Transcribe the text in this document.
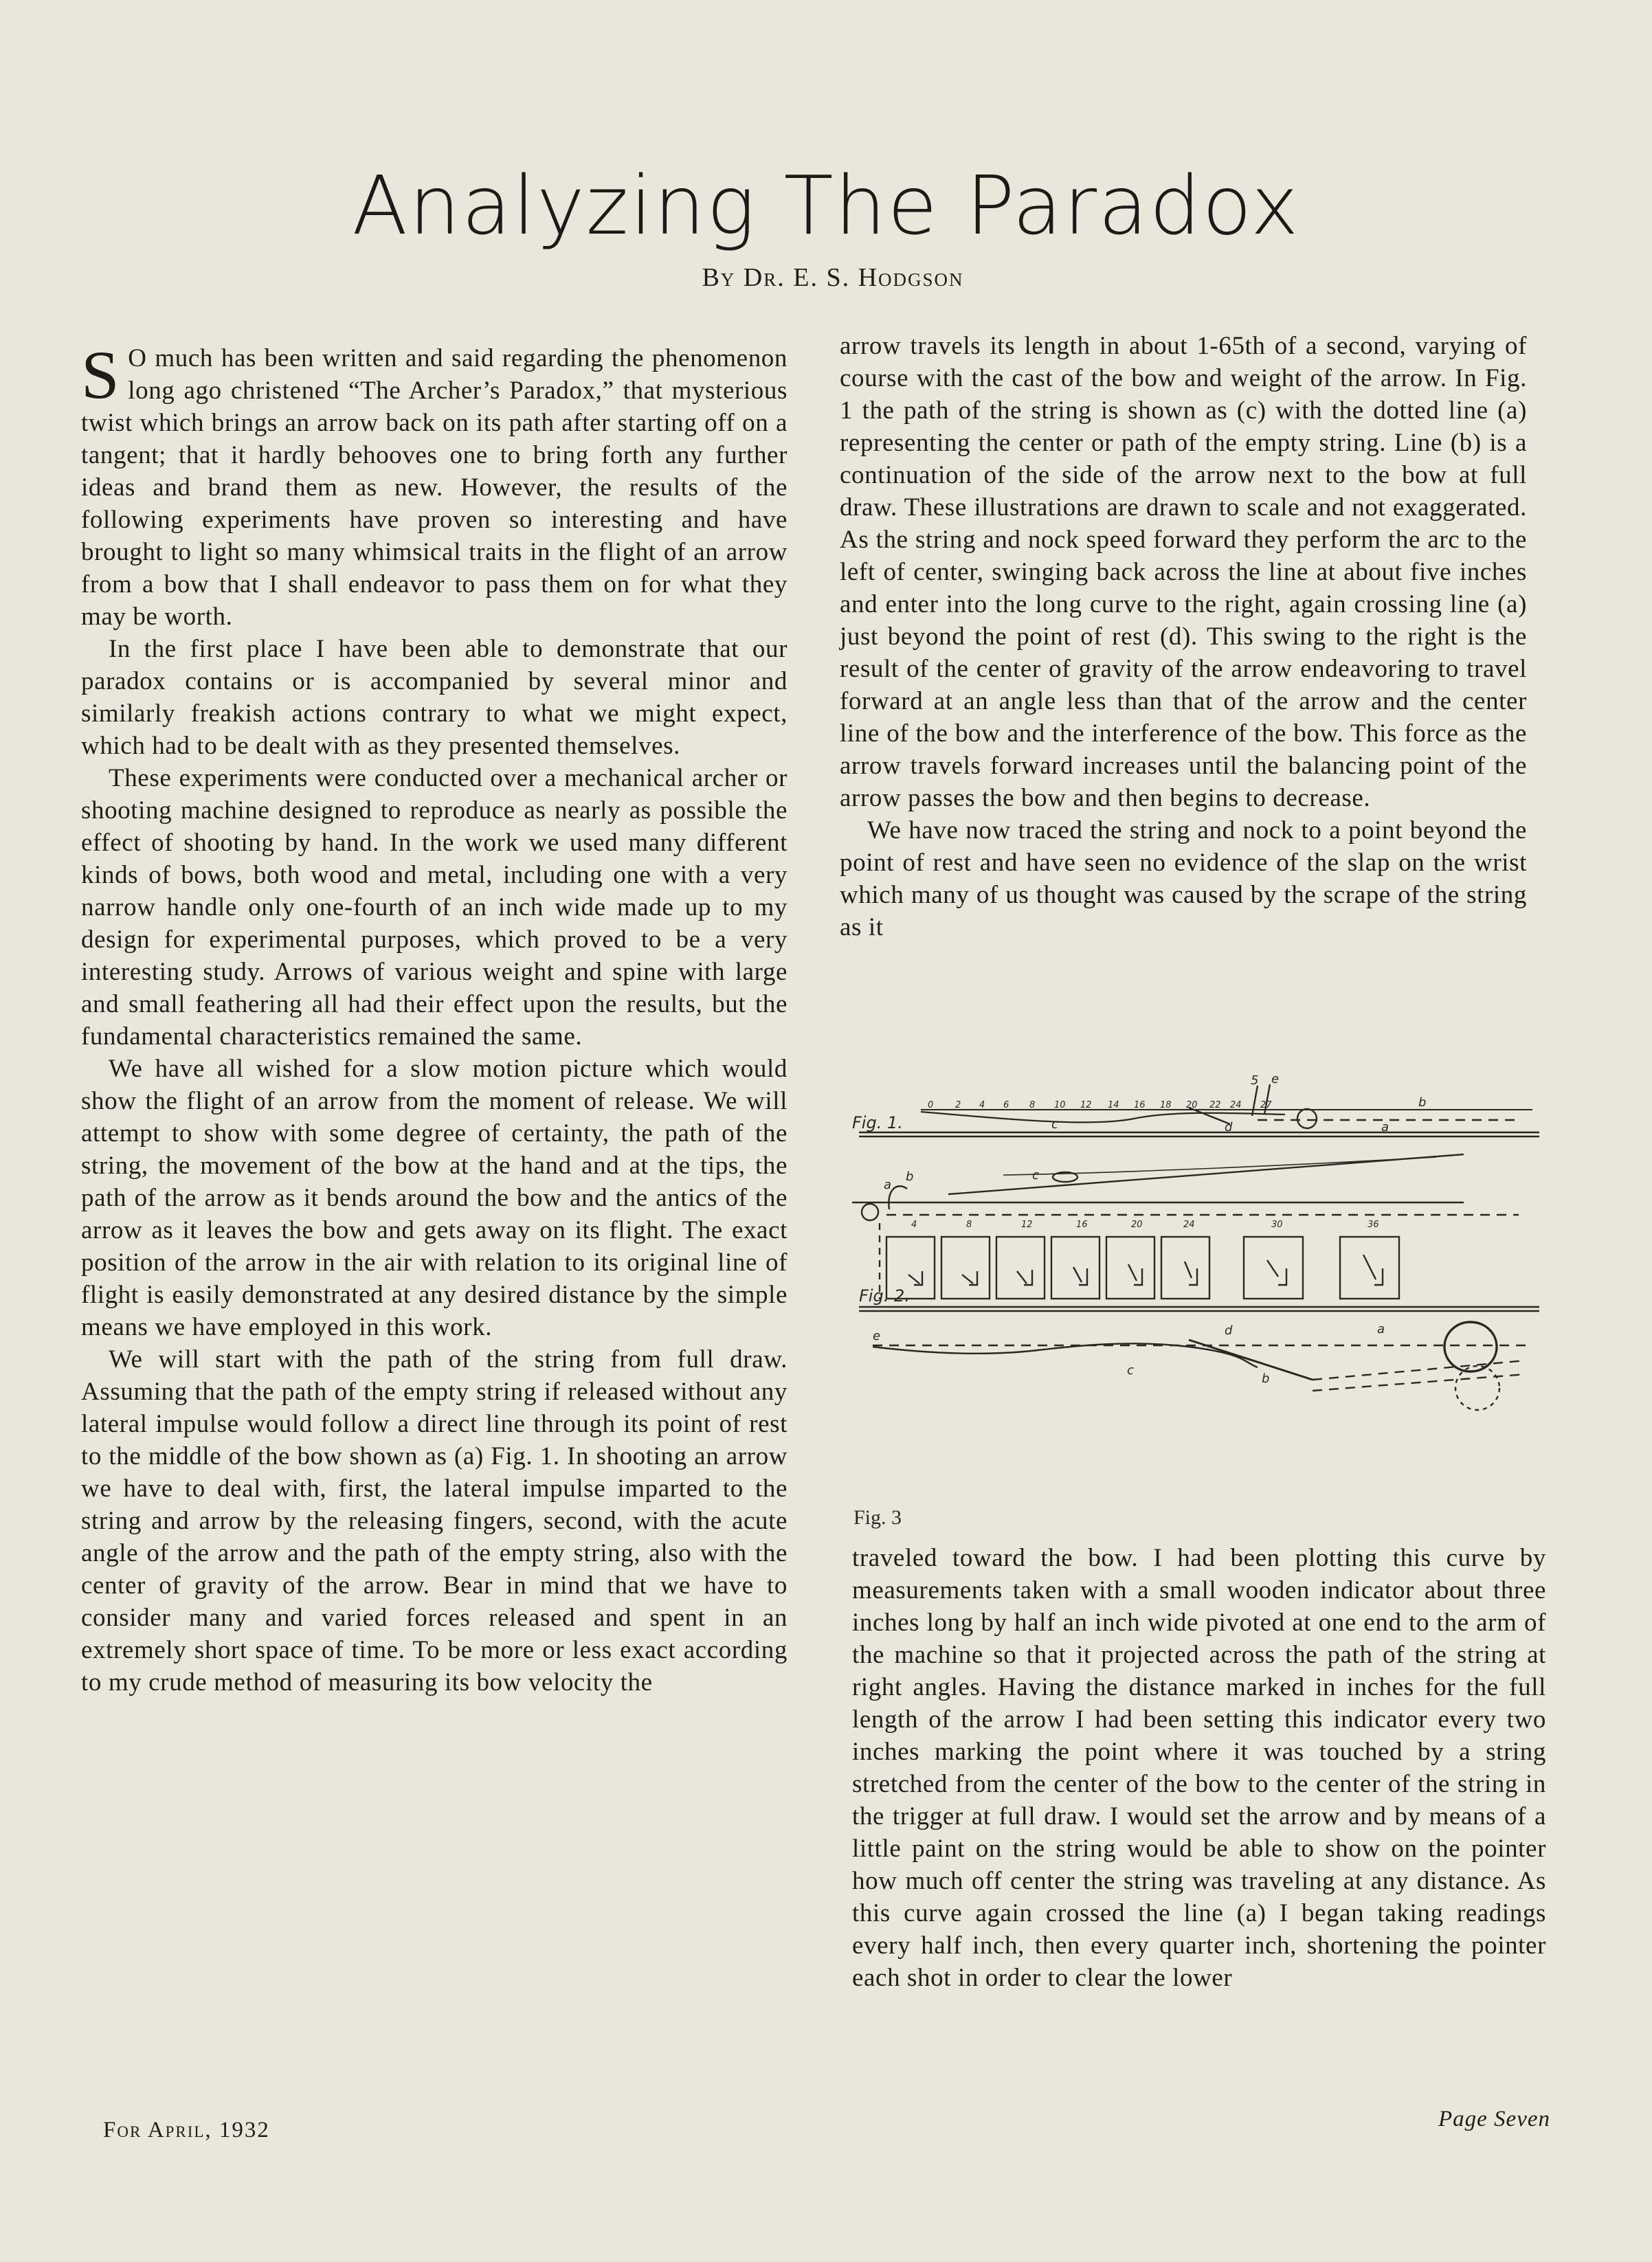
Analyzing The Paradox
By Dr. E. S. Hodgson

S O much has been written and said regarding the phenomenon long ago christened “The Archer’s Paradox,” that mysterious twist which brings an arrow back on its path after starting off on a tangent; that it hardly behooves one to bring forth any further ideas and brand them as new. However, the results of the following experiments have proven so interesting and have brought to light so many whimsical traits in the flight of an arrow from a bow that I shall endeavor to pass them on for what they may be worth.

In the first place I have been able to demonstrate that our paradox contains or is accompanied by several minor and similarly freakish actions contrary to what we might expect, which had to be dealt with as they presented themselves.

These experiments were conducted over a mechanical archer or shooting machine designed to reproduce as nearly as possible the effect of shooting by hand. In the work we used many different kinds of bows, both wood and metal, including one with a very narrow handle only one-fourth of an inch wide made up to my design for experimental purposes, which proved to be a very interesting study. Arrows of various weight and spine with large and small feathering all had their effect upon the results, but the fundamental characteristics remained the same.

We have all wished for a slow motion picture which would show the flight of an arrow from the moment of release. We will attempt to show with some degree of certainty, the path of the string, the movement of the bow at the hand and at the tips, the path of the arrow as it bends around the bow and the antics of the arrow as it leaves the bow and gets away on its flight. The exact position of the arrow in the air with relation to its original line of flight is easily demonstrated at any desired distance by the simple means we have employed in this work.

We will start with the path of the string from full draw. Assuming that the path of the empty string if released without any lateral impulse would follow a direct line through its point of rest to the middle of the bow shown as (a) Fig. 1. In shooting an arrow we have to deal with, first, the lateral impulse imparted to the string and arrow by the releasing fingers, second, with the acute angle of the arrow and the path of the empty string, also with the center of gravity of the arrow. Bear in mind that we have to consider many and varied forces released and spent in an extremely short space of time. To be more or less exact according to my crude method of measuring its bow velocity the

arrow travels its length in about 1-65th of a second, varying of course with the cast of the bow and weight of the arrow. In Fig. 1 the path of the string is shown as (c) with the dotted line (a) representing the center or path of the empty string. Line (b) is a continuation of the side of the arrow next to the bow at full draw. These illustrations are drawn to scale and not exaggerated. As the string and nock speed forward they perform the arc to the left of center, swinging back across the line at about five inches and enter into the long curve to the right, again crossing line (a) just beyond the point of rest (d). This swing to the right is the result of the center of gravity of the arrow endeavoring to travel forward at an angle less than that of the arrow and the center line of the bow and the interference of the bow. This force as the arrow travels forward increases until the balancing point of the arrow passes the bow and then begins to decrease.

We have now traced the string and nock to a point beyond the point of rest and have seen no evidence of the slap on the wrist which many of us thought was caused by the scrape of the string as it

Fig. 1.
Fig. 2.
Fig. 3
0 2 4 6 8 10 12 14 16 18 20 22 24 27	b
c	d
e
5
a
4	8	12	16	20	24	30	36
a
b	c
e	d	a
c
b

traveled toward the bow. I had been plotting this curve by measurements taken with a small wooden indicator about three inches long by half an inch wide pivoted at one end to the arm of the machine so that it projected across the path of the string at right angles. Having the distance marked in inches for the full length of the arrow I had been setting this indicator every two inches marking the point where it was touched by a string stretched from the center of the bow to the center of the string in the trigger at full draw. I would set the arrow and by means of a little paint on the string would be able to show on the pointer how much off center the string was traveling at any distance. As this curve again crossed the line (a) I began taking readings every half inch, then every quarter inch, shortening the pointer each shot in order to clear the lower

For April, 1932	Page Seven
